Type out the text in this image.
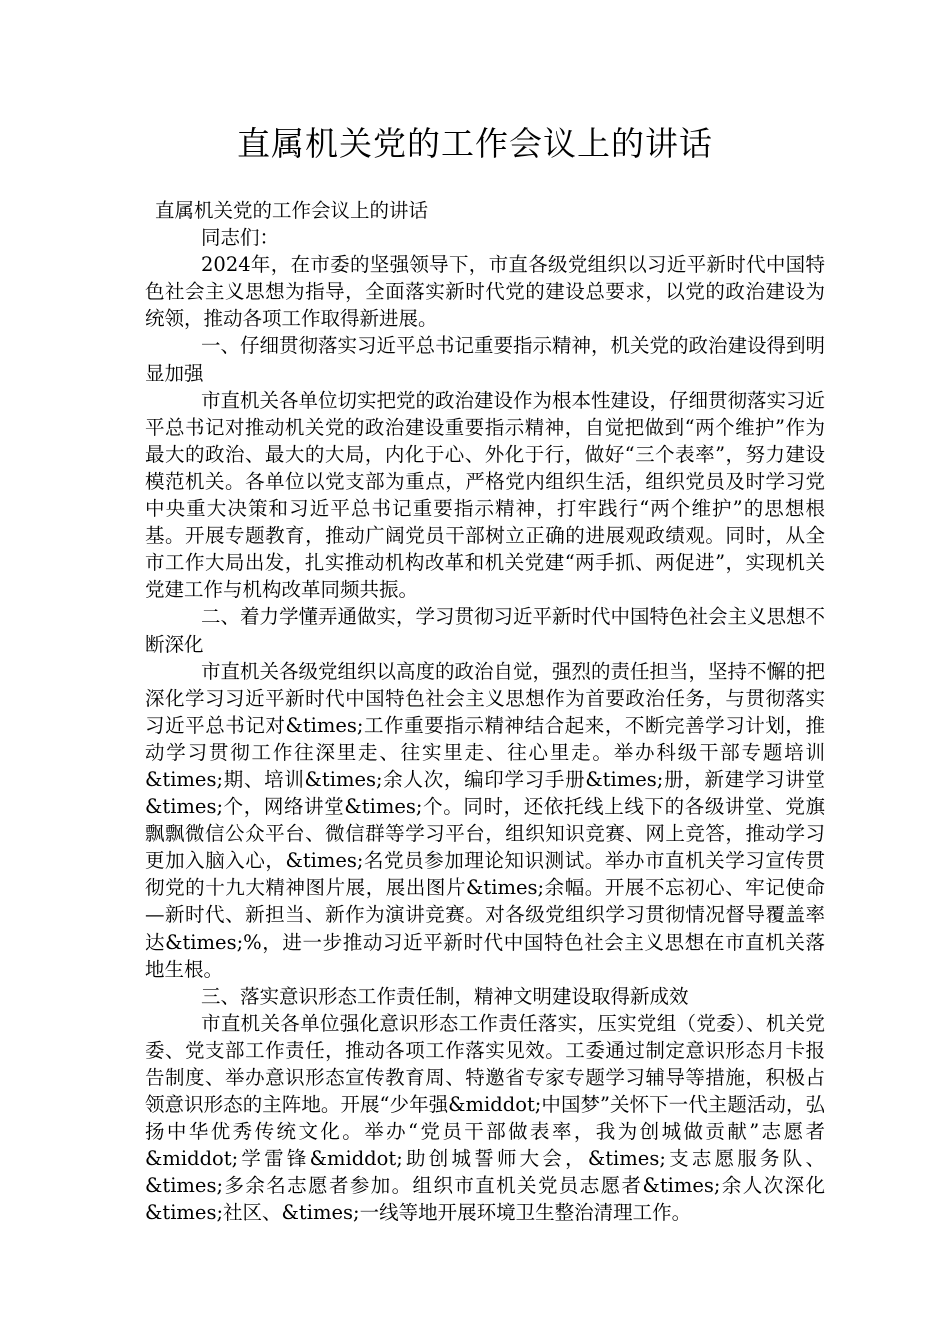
直属机关党的工作会议上的讲话

直属机关党的工作会议上的讲话

同志们：

2024年，在市委的坚强领导下，市直各级党组织以习近平新时代中国特色社会主义思想为指导，全面落实新时代党的建设总要求，以党的政治建设为统领，推动各项工作取得新进展。

一、仔细贯彻落实习近平总书记重要指示精神，机关党的政治建设得到明显加强

市直机关各单位切实把党的政治建设作为根本性建设，仔细贯彻落实习近平总书记对推动机关党的政治建设重要指示精神，自觉把做到“两个维护”作为最大的政治、最大的大局，内化于心、外化于行，做好“三个表率”，努力建设模范机关。各单位以党支部为重点，严格党内组织生活，组织党员及时学习党中央重大决策和习近平总书记重要指示精神，打牢践行“两个维护”的思想根基。开展专题教育，推动广阔党员干部树立正确的进展观政绩观。同时，从全市工作大局出发，扎实推动机构改革和机关党建“两手抓、两促进”，实现机关党建工作与机构改革同频共振。

二、着力学懂弄通做实，学习贯彻习近平新时代中国特色社会主义思想不断深化

市直机关各级党组织以高度的政治自觉，强烈的责任担当，坚持不懈的把深化学习习近平新时代中国特色社会主义思想作为首要政治任务，与贯彻落实习近平总书记对&times;工作重要指示精神结合起来，不断完善学习计划，推动学习贯彻工作往深里走、往实里走、往心里走。举办科级干部专题培训&times;期、培训&times;余人次，编印学习手册&times;册，新建学习讲堂&times;个，网络讲堂&times;个。同时，还依托线上线下的各级讲堂、党旗飘飘微信公众平台、微信群等学习平台，组织知识竞赛、网上竞答，推动学习更加入脑入心，&times;名党员参加理论知识测试。举办市直机关学习宣传贯彻党的十九大精神图片展，展出图片&times;余幅。开展不忘初心、牢记使命—新时代、新担当、新作为演讲竞赛。对各级党组织学习贯彻情况督导覆盖率达&times;%，进一步推动习近平新时代中国特色社会主义思想在市直机关落地生根。

三、落实意识形态工作责任制，精神文明建设取得新成效

市直机关各单位强化意识形态工作责任落实，压实党组（党委）、机关党委、党支部工作责任，推动各项工作落实见效。工委通过制定意识形态月卡报告制度、举办意识形态宣传教育周、特邀省专家专题学习辅导等措施，积极占领意识形态的主阵地。开展“少年强&middot;中国梦”关怀下一代主题活动，弘扬中华优秀传统文化。举办“党员干部做表率，我为创城做贡献”志愿者&middot;学雷锋&middot;助创城誓师大会，&times;支志愿服务队、&times;多余名志愿者参加。组织市直机关党员志愿者&times;余人次深化&times;社区、&times;一线等地开展环境卫生整治清理工作。
